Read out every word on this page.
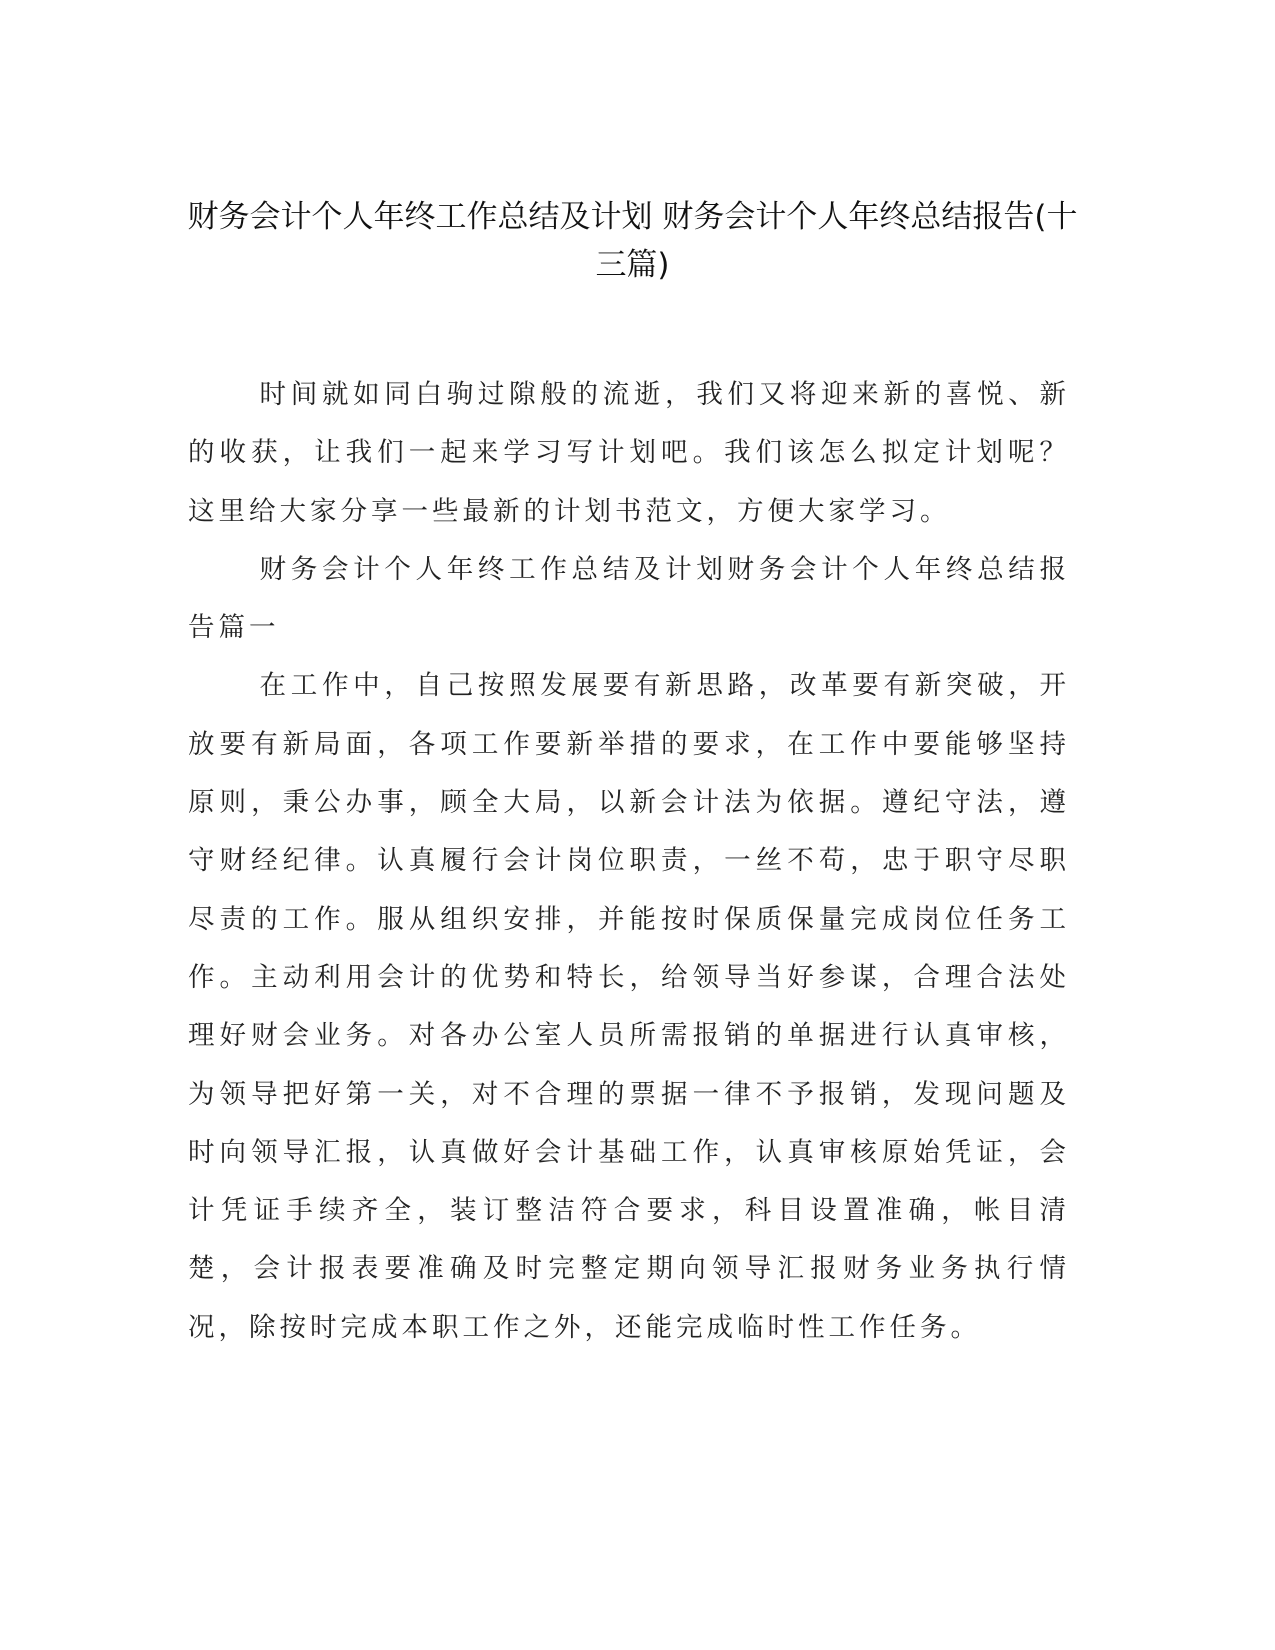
财务会计个人年终工作总结及计划 财务会计个人年终总结报告(十三篇)

时间就如同白驹过隙般的流逝，我们又将迎来新的喜悦、新的收获，让我们一起来学习写计划吧。我们该怎么拟定计划呢？这里给大家分享一些最新的计划书范文，方便大家学习。

财务会计个人年终工作总结及计划财务会计个人年终总结报告篇一

在工作中，自己按照发展要有新思路，改革要有新突破，开放要有新局面，各项工作要新举措的要求，在工作中要能够坚持原则，秉公办事，顾全大局，以新会计法为依据。遵纪守法，遵守财经纪律。认真履行会计岗位职责，一丝不苟，忠于职守尽职尽责的工作。服从组织安排，并能按时保质保量完成岗位任务工作。主动利用会计的优势和特长，给领导当好参谋，合理合法处理好财会业务。对各办公室人员所需报销的单据进行认真审核，为领导把好第一关，对不合理的票据一律不予报销，发现问题及时向领导汇报，认真做好会计基础工作，认真审核原始凭证，会计凭证手续齐全，装订整洁符合要求，科目设置准确，帐目清楚，会计报表要准确及时完整定期向领导汇报财务业务执行情况，除按时完成本职工作之外，还能完成临时性工作任务。
